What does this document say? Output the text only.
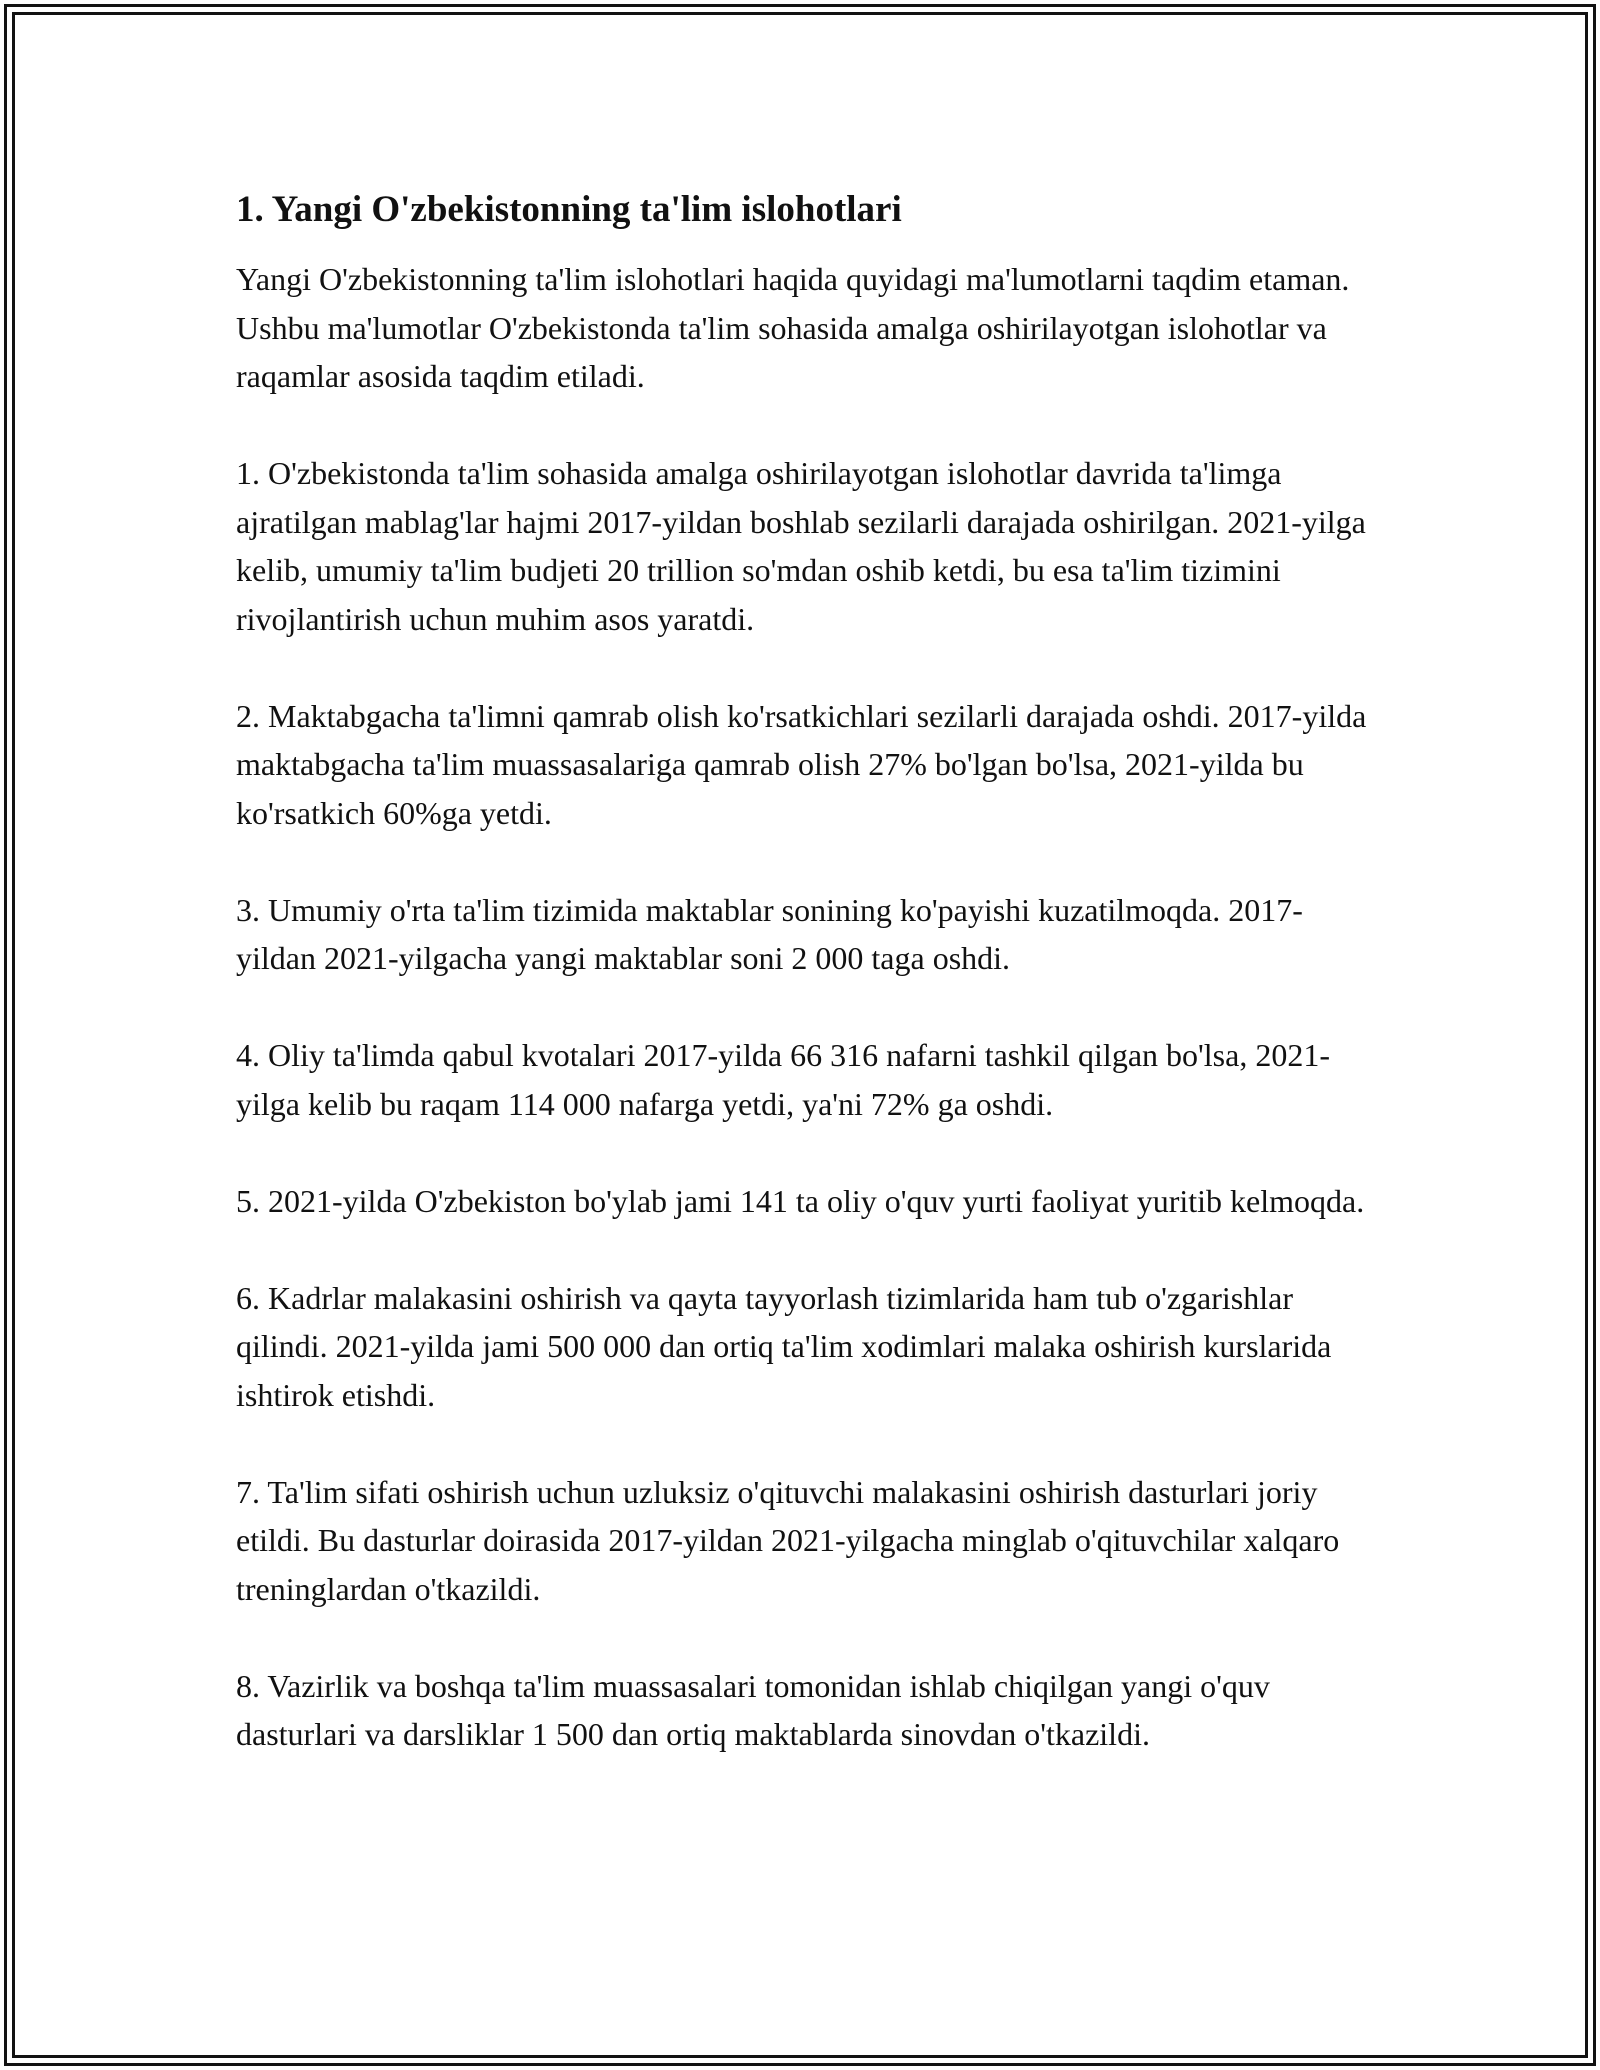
1. Yangi O'zbekistonning ta'lim islohotlari

Yangi O'zbekistonning ta'lim islohotlari haqida quyidagi ma'lumotlarni taqdim etaman. Ushbu ma'lumotlar O'zbekistonda ta'lim sohasida amalga oshirilayotgan islohotlar va raqamlar asosida taqdim etiladi.

1. O'zbekistonda ta'lim sohasida amalga oshirilayotgan islohotlar davrida ta'limga ajratilgan mablag'lar hajmi 2017-yildan boshlab sezilarli darajada oshirilgan. 2021-yilga kelib, umumiy ta'lim budjeti 20 trillion so'mdan oshib ketdi, bu esa ta'lim tizimini rivojlantirish uchun muhim asos yaratdi.

2. Maktabgacha ta'limni qamrab olish ko'rsatkichlari sezilarli darajada oshdi. 2017-yilda maktabgacha ta'lim muassasalariga qamrab olish 27% bo'lgan bo'lsa, 2021-yilda bu ko'rsatkich 60%ga yetdi.

3. Umumiy o'rta ta'lim tizimida maktablar sonining ko'payishi kuzatilmoqda. 2017-yildan 2021-yilgacha yangi maktablar soni 2 000 taga oshdi.

4. Oliy ta'limda qabul kvotalari 2017-yilda 66 316 nafarni tashkil qilgan bo'lsa, 2021-yilga kelib bu raqam 114 000 nafarga yetdi, ya'ni 72% ga oshdi.

5. 2021-yilda O'zbekiston bo'ylab jami 141 ta oliy o'quv yurti faoliyat yuritib kelmoqda.

6. Kadrlar malakasini oshirish va qayta tayyorlash tizimlarida ham tub o'zgarishlar qilindi. 2021-yilda jami 500 000 dan ortiq ta'lim xodimlari malaka oshirish kurslarida ishtirok etishdi.

7. Ta'lim sifati oshirish uchun uzluksiz o'qituvchi malakasini oshirish dasturlari joriy etildi. Bu dasturlar doirasida 2017-yildan 2021-yilgacha minglab o'qituvchilar xalqaro treninglardan o'tkazildi.

8. Vazirlik va boshqa ta'lim muassasalari tomonidan ishlab chiqilgan yangi o'quv dasturlari va darsliklar 1 500 dan ortiq maktablarda sinovdan o'tkazildi.
